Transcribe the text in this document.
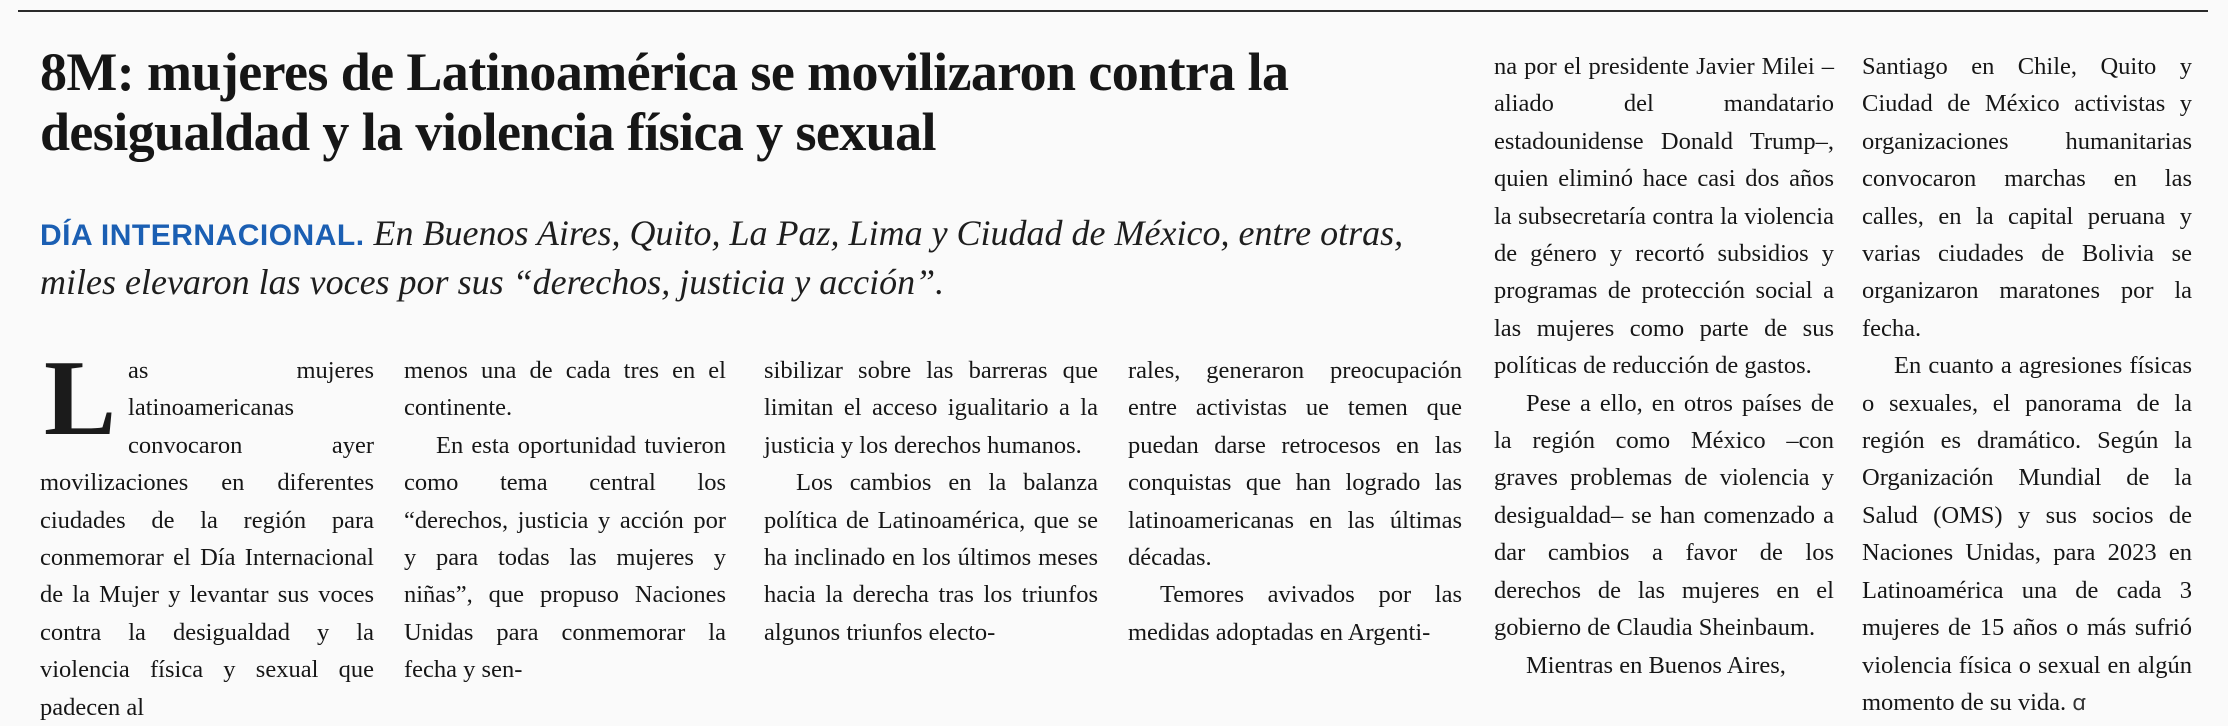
8M: mujeres de Latinoamérica se movilizaron contra la desigualdad y la violencia física y sexual

DÍA INTERNACIONAL. En Buenos Aires, Quito, La Paz, Lima y Ciudad de México, entre otras, miles elevaron las voces por sus “derechos, justicia y acción”.

Las mujeres latinoamericanas convocaron ayer movilizaciones en diferentes ciudades de la región para conmemorar el Día Internacional de la Mujer y levantar sus voces contra la desigualdad y la violencia física y sexual que padecen al

menos una de cada tres en el continente.

En esta oportunidad tuvieron como tema central los “derechos, justicia y acción por y para todas las mujeres y niñas”, que propuso Naciones Unidas para conmemorar la fecha y sen-

sibilizar sobre las barreras que limitan el acceso igualitario a la justicia y los derechos humanos.

Los cambios en la balanza política de Latinoamérica, que se ha inclinado en los últimos meses hacia la derecha tras los triunfos algunos triunfos electo-

rales, generaron preocupación entre activistas ue temen que puedan darse retrocesos en las conquistas que han logrado las latinoamericanas en las últimas décadas.

Temores avivados por las medidas adoptadas en Argenti-

na por el presidente Javier Milei –aliado del mandatario estadounidense Donald Trump–, quien eliminó hace casi dos años la subsecretaría contra la violencia de género y recortó subsidios y programas de protección social a las mujeres como parte de sus políticas de reducción de gastos.

Pese a ello, en otros países de la región como México –con graves problemas de violencia y desigualdad– se han comenzado a dar cambios a favor de los derechos de las mujeres en el gobierno de Claudia Sheinbaum.

Mientras en Buenos Aires,

Santiago en Chile, Quito y Ciudad de México activistas y organizaciones humanitarias convocaron marchas en las calles, en la capital peruana y varias ciudades de Bolivia se organizaron maratones por la fecha.

En cuanto a agresiones físicas o sexuales, el panorama de la región es dramático. Según la Organización Mundial de la Salud (OMS) y sus socios de Naciones Unidas, para 2023 en Latinoamérica una de cada 3 mujeres de 15 años o más sufrió violencia física o sexual en algún momento de su vida. ꭤ
